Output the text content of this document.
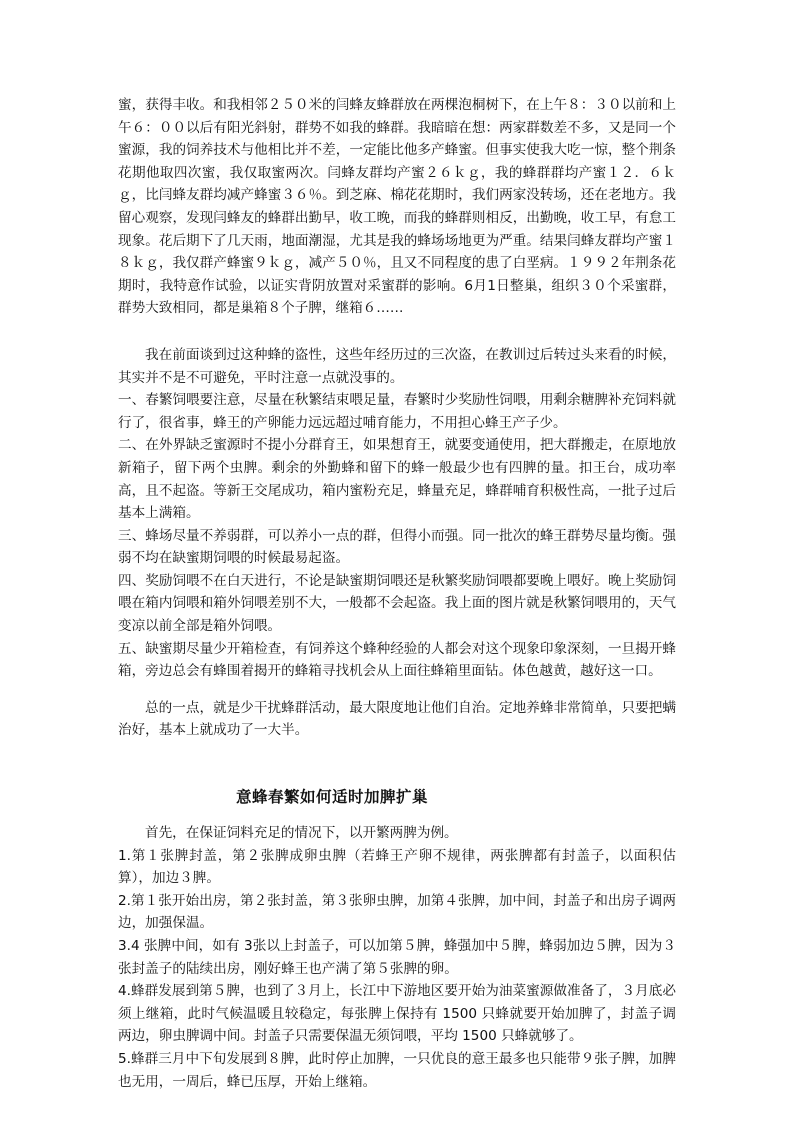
蜜，获得丰收。和我相邻２５０米的闫蜂友蜂群放在两棵泡桐树下，在上午８：３０以前和上午６：００以后有阳光斜射，群势不如我的蜂群。我暗暗在想：两家群数差不多，又是同一个蜜源，我的饲养技术与他相比并不差，一定能比他多产蜂蜜。但事实使我大吃一惊，整个荆条花期他取四次蜜，我仅取蜜两次。闫蜂友群均产蜜２６ｋｇ，我的蜂群群均产蜜１２．６ｋｇ，比闫蜂友群均减产蜂蜜３６％。到芝麻、棉花花期时，我们两家没转场，还在老地方。我留心观察，发现闫蜂友的蜂群出勤早，收工晚，而我的蜂群则相反，出勤晚，收工早，有怠工现象。花后期下了几天雨，地面潮湿，尤其是我的蜂场场地更为严重。结果闫蜂友群均产蜜１８ｋｇ，我仅群产蜂蜜９ｋｇ，减产５０％，且又不同程度的患了白垩病。１９９２年荆条花期时，我特意作试验，以证实背阴放置对采蜜群的影响。6月1日整巢，组织３０个采蜜群，群势大致相同，都是巢箱８个子脾，继箱６……

我在前面谈到过这种蜂的盗性，这些年经历过的三次盗，在教训过后转过头来看的时候，其实并不是不可避免，平时注意一点就没事的。

一、春繁饲喂要注意，尽量在秋繁结束喂足量，春繁时少奖励性饲喂，用剩余糖脾补充饲料就行了，很省事，蜂王的产卵能力远远超过哺育能力，不用担心蜂王产子少。

二、在外界缺乏蜜源时不提小分群育王，如果想育王，就要变通使用，把大群搬走，在原地放新箱子，留下两个虫脾。剩余的外勤蜂和留下的蜂一般最少也有四脾的量。扣王台，成功率高，且不起盗。等新王交尾成功，箱内蜜粉充足，蜂量充足，蜂群哺育积极性高，一批子过后基本上满箱。

三、蜂场尽量不养弱群，可以养小一点的群，但得小而强。同一批次的蜂王群势尽量均衡。强弱不均在缺蜜期饲喂的时候最易起盗。

四、奖励饲喂不在白天进行，不论是缺蜜期饲喂还是秋繁奖励饲喂都要晚上喂好。晚上奖励饲喂在箱内饲喂和箱外饲喂差别不大，一般都不会起盗。我上面的图片就是秋繁饲喂用的，天气变凉以前全部是箱外饲喂。

五、缺蜜期尽量少开箱检查，有饲养这个蜂种经验的人都会对这个现象印象深刻，一旦揭开蜂箱，旁边总会有蜂围着揭开的蜂箱寻找机会从上面往蜂箱里面钻。体色越黄，越好这一口。

总的一点，就是少干扰蜂群活动，最大限度地让他们自治。定地养蜂非常简单，只要把螨治好，基本上就成功了一大半。

意蜂春繁如何适时加脾扩巢

首先，在保证饲料充足的情况下，以开繁两脾为例。

1.第１张脾封盖，第２张脾成卵虫脾（若蜂王产卵不规律，两张脾都有封盖子，以面积估算），加边３脾。

2.第１张开始出房，第２张封盖，第３张卵虫脾，加第４张脾，加中间，封盖子和出房子调两边，加强保温。

3.4 张脾中间，如有 3张以上封盖子，可以加第５脾，蜂强加中５脾，蜂弱加边５脾，因为３张封盖子的陆续出房，刚好蜂王也产满了第５张脾的卵。

4.蜂群发展到第５脾，也到了３月上，长江中下游地区要开始为油菜蜜源做准备了，３月底必须上继箱，此时气候温暖且较稳定，每张脾上保持有 1500 只蜂就要开始加脾了，封盖子调两边，卵虫脾调中间。封盖子只需要保温无须饲喂，平均 1500 只蜂就够了。

5.蜂群三月中下旬发展到８脾，此时停止加脾，一只优良的意王最多也只能带９张子脾，加脾也无用，一周后，蜂已压厚，开始上继箱。
